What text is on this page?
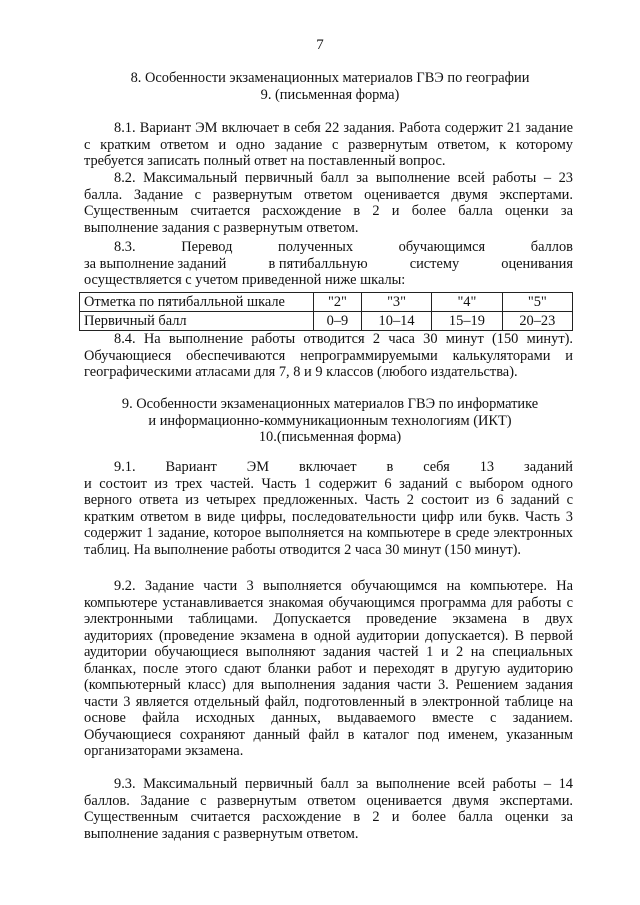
7
8. Особенности экзаменационных материалов ГВЭ по географии
9. (письменная форма)
8.1. Вариант ЭМ включает в себя 22 задания. Работа содержит 21 задание с кратким ответом и одно задание с развернутым ответом, к которому требуется записать полный ответ на поставленный вопрос.
8.2. Максимальный первичный балл за выполнение всей работы – 23 балла. Задание с развернутым ответом оценивается двумя экспертами. Существенным считается расхождение в 2 и более балла оценки за выполнение задания с развернутым ответом.
8.3.	Перевод	полученных	обучающимся	баллов
за выполнение заданий	в пятибалльную	систему	оценивания
осуществляется с учетом приведенной ниже шкалы:
Отметка по пятибалльной шкале	"2"	"3"	"4"	"5"
Первичный балл	0–9	10–14	15–19	20–23
8.4. На выполнение работы отводится 2 часа 30 минут (150 минут). Обучающиеся обеспечиваются непрограммируемыми калькуляторами и географическими атласами для 7, 8 и 9 классов (любого издательства).
9. Особенности экзаменационных материалов ГВЭ по информатике
и информационно-коммуникационным технологиям (ИКТ)
10.(письменная форма)
9.1. Вариант ЭМ включает в себя 13 заданий
и состоит из трех частей. Часть 1 содержит 6 заданий с выбором одного верного ответа из четырех предложенных. Часть 2 состоит из 6 заданий с кратким ответом в виде цифры, последовательности цифр или букв. Часть 3 содержит 1 задание, которое выполняется на компьютере в среде электронных таблиц. На выполнение работы отводится 2 часа 30 минут (150 минут).
9.2. Задание части 3 выполняется обучающимся на компьютере. На компьютере устанавливается знакомая обучающимся программа для работы с электронными таблицами. Допускается проведение экзамена в двух аудиториях (проведение экзамена в одной аудитории допускается). В первой аудитории обучающиеся выполняют задания частей 1 и 2 на специальных бланках, после этого сдают бланки работ и переходят в другую аудиторию (компьютерный класс) для выполнения задания части 3. Решением задания части 3 является отдельный файл, подготовленный в электронной таблице на основе файла исходных данных, выдаваемого вместе с заданием. Обучающиеся сохраняют данный файл в каталог под именем, указанным организаторами экзамена.
9.3. Максимальный первичный балл за выполнение всей работы – 14 баллов. Задание с развернутым ответом оценивается двумя экспертами. Существенным считается расхождение в 2 и более балла оценки за выполнение задания с развернутым ответом.
